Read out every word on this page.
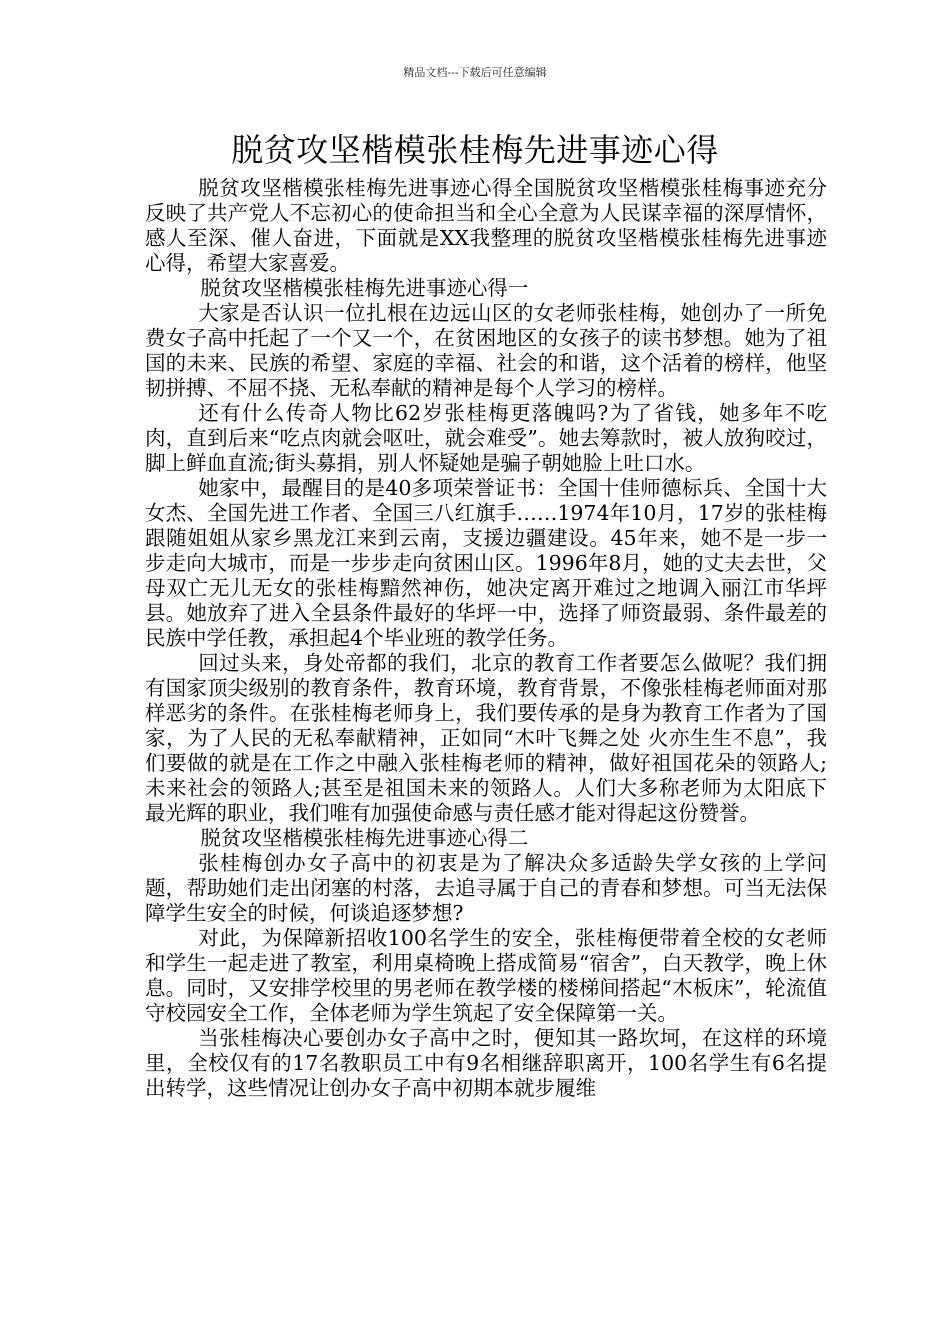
精品文档---下载后可任意编辑
脱贫攻坚楷模张桂梅先进事迹心得

脱贫攻坚楷模张桂梅先进事迹心得全国脱贫攻坚楷模张桂梅事迹充分反映了共产党人不忘初心的使命担当和全心全意为人民谋幸福的深厚情怀，感人至深、催人奋进，下面就是XX我整理的脱贫攻坚楷模张桂梅先进事迹心得，希望大家喜爱。

脱贫攻坚楷模张桂梅先进事迹心得一

大家是否认识一位扎根在边远山区的女老师张桂梅，她创办了一所免费女子高中托起了一个又一个，在贫困地区的女孩子的读书梦想。她为了祖国的未来、民族的希望、家庭的幸福、社会的和谐，这个活着的榜样，他坚韧拼搏、不屈不挠、无私奉献的精神是每个人学习的榜样。

还有什么传奇人物比62岁张桂梅更落魄吗?为了省钱，她多年不吃肉，直到后来“吃点肉就会呕吐，就会难受”。她去筹款时，被人放狗咬过，脚上鲜血直流;街头募捐，别人怀疑她是骗子朝她脸上吐口水。

她家中，最醒目的是40多项荣誉证书：全国十佳师德标兵、全国十大女杰、全国先进工作者、全国三八红旗手……1974年10月，17岁的张桂梅跟随姐姐从家乡黑龙江来到云南，支援边疆建设。45年来，她不是一步一步走向大城市，而是一步步走向贫困山区。1996年8月，她的丈夫去世，父母双亡无儿无女的张桂梅黯然神伤，她决定离开难过之地调入丽江市华坪县。她放弃了进入全县条件最好的华坪一中，选择了师资最弱、条件最差的民族中学任教，承担起4个毕业班的教学任务。

回过头来，身处帝都的我们，北京的教育工作者要怎么做呢？我们拥有国家顶尖级别的教育条件，教育环境，教育背景，不像张桂梅老师面对那样恶劣的条件。在张桂梅老师身上，我们要传承的是身为教育工作者为了国家，为了人民的无私奉献精神，正如同“木叶飞舞之处 火亦生生不息”，我们要做的就是在工作之中融入张桂梅老师的精神，做好祖国花朵的领路人;未来社会的领路人;甚至是祖国未来的领路人。人们大多称老师为太阳底下最光辉的职业，我们唯有加强使命感与责任感才能对得起这份赞誉。

脱贫攻坚楷模张桂梅先进事迹心得二

张桂梅创办女子高中的初衷是为了解决众多适龄失学女孩的上学问题，帮助她们走出闭塞的村落，去追寻属于自己的青春和梦想。可当无法保障学生安全的时候，何谈追逐梦想?

对此，为保障新招收100名学生的安全，张桂梅便带着全校的女老师和学生一起走进了教室，利用桌椅晚上搭成简易“宿舍”，白天教学，晚上休息。同时，又安排学校里的男老师在教学楼的楼梯间搭起“木板床”，轮流值守校园安全工作，全体老师为学生筑起了安全保障第一关。

当张桂梅决心要创办女子高中之时，便知其一路坎坷，在这样的环境里，全校仅有的17名教职员工中有9名相继辞职离开，100名学生有6名提出转学，这些情况让创办女子高中初期本就步履维
